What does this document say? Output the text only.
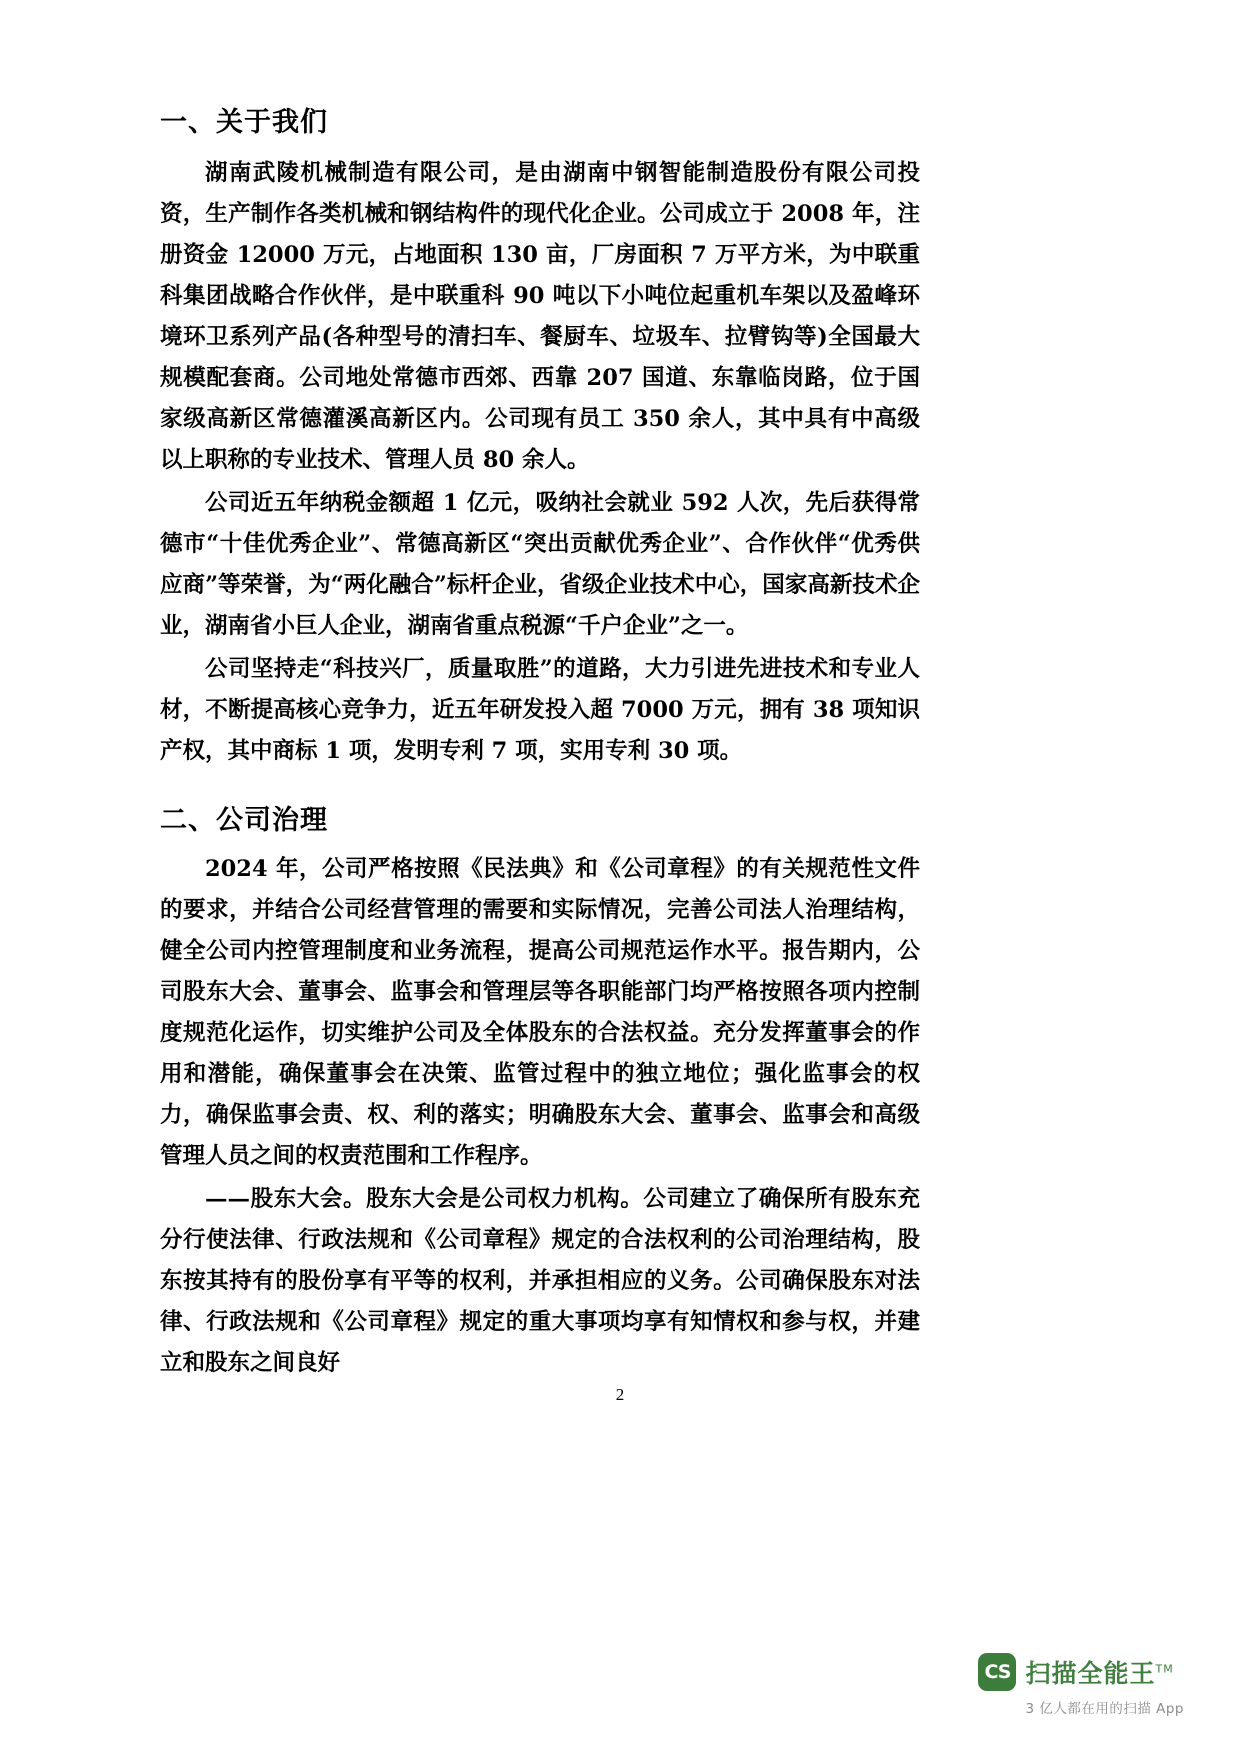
一、关于我们

湖南武陵机械制造有限公司，是由湖南中钢智能制造股份有限公司投资，生产制作各类机械和钢结构件的现代化企业。公司成立于 2008 年，注册资金 12000 万元，占地面积 130 亩，厂房面积 7 万平方米，为中联重科集团战略合作伙伴，是中联重科 90 吨以下小吨位起重机车架以及盈峰环境环卫系列产品(各种型号的清扫车、餐厨车、垃圾车、拉臂钩等)全国最大规模配套商。公司地处常德市西郊、西靠 207 国道、东靠临岗路，位于国家级高新区常德灌溪高新区内。公司现有员工 350 余人，其中具有中高级以上职称的专业技术、管理人员 80 余人。

公司近五年纳税金额超 1 亿元，吸纳社会就业 592 人次，先后获得常德市“十佳优秀企业”、常德高新区“突出贡献优秀企业”、合作伙伴“优秀供应商”等荣誉，为“两化融合”标杆企业，省级企业技术中心，国家高新技术企业，湖南省小巨人企业，湖南省重点税源“千户企业”之一。

公司坚持走“科技兴厂，质量取胜”的道路，大力引进先进技术和专业人材，不断提高核心竞争力，近五年研发投入超 7000 万元，拥有 38 项知识产权，其中商标 1 项，发明专利 7 项，实用专利 30 项。

二、公司治理

2024 年，公司严格按照《民法典》和《公司章程》的有关规范性文件的要求，并结合公司经营管理的需要和实际情况，完善公司法人治理结构，健全公司内控管理制度和业务流程，提高公司规范运作水平。报告期内，公司股东大会、董事会、监事会和管理层等各职能部门均严格按照各项内控制度规范化运作，切实维护公司及全体股东的合法权益。充分发挥董事会的作用和潜能，确保董事会在决策、监管过程中的独立地位；强化监事会的权力，确保监事会责、权、利的落实；明确股东大会、董事会、监事会和高级管理人员之间的权责范围和工作程序。

——股东大会。股东大会是公司权力机构。公司建立了确保所有股东充分行使法律、行政法规和《公司章程》规定的合法权利的公司治理结构，股东按其持有的股份享有平等的权利，并承担相应的义务。公司确保股东对法律、行政法规和《公司章程》规定的重大事项均享有知情权和参与权，并建立和股东之间良好

2
CS 扫描全能王™
3 亿人都在用的扫描 App
